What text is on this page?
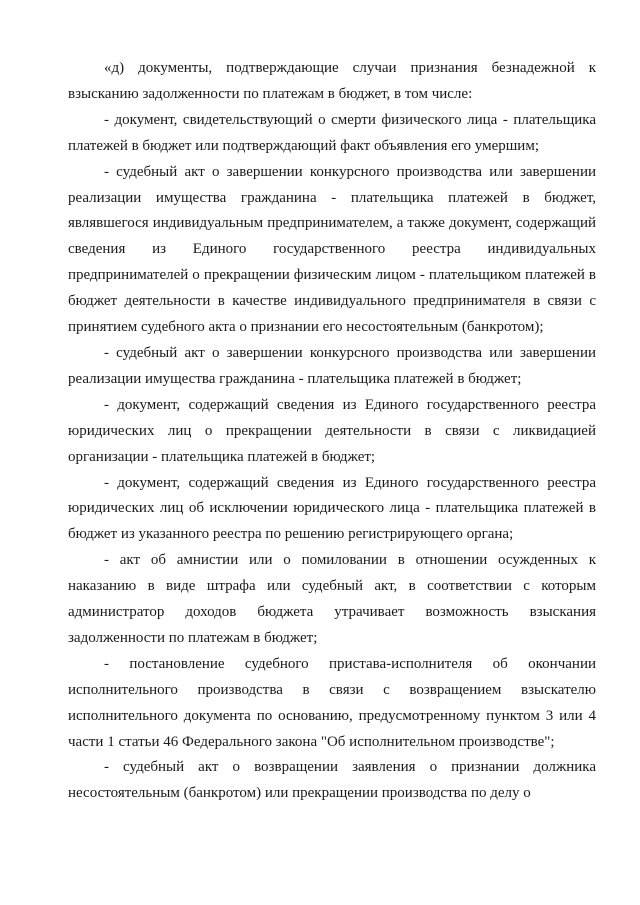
«д) документы, подтверждающие случаи признания безнадежной к взысканию задолженности по платежам в бюджет, в том числе:

- документ, свидетельствующий о смерти физического лица - плательщика платежей в бюджет или подтверждающий факт объявления его умершим;

- судебный акт о завершении конкурсного производства или завершении реализации имущества гражданина - плательщика платежей в бюджет, являвшегося индивидуальным предпринимателем, а также документ, содержащий сведения из Единого государственного реестра индивидуальных предпринимателей о прекращении физическим лицом - плательщиком платежей в бюджет деятельности в качестве индивидуального предпринимателя в связи с принятием судебного акта о признании его несостоятельным (банкротом);

- судебный акт о завершении конкурсного производства или завершении реализации имущества гражданина - плательщика платежей в бюджет;

- документ, содержащий сведения из Единого государственного реестра юридических лиц о прекращении деятельности в связи с ликвидацией организации - плательщика платежей в бюджет;

- документ, содержащий сведения из Единого государственного реестра юридических лиц об исключении юридического лица - плательщика платежей в бюджет из указанного реестра по решению регистрирующего органа;

- акт об амнистии или о помиловании в отношении осужденных к наказанию в виде штрафа или судебный акт, в соответствии с которым администратор доходов бюджета утрачивает возможность взыскания задолженности по платежам в бюджет;

- постановление судебного пристава-исполнителя об окончании исполнительного производства в связи с возвращением взыскателю исполнительного документа по основанию, предусмотренному пунктом 3 или 4 части 1 статьи 46 Федерального закона "Об исполнительном производстве";

- судебный акт о возвращении заявления о признании должника несостоятельным (банкротом) или прекращении производства по делу о
